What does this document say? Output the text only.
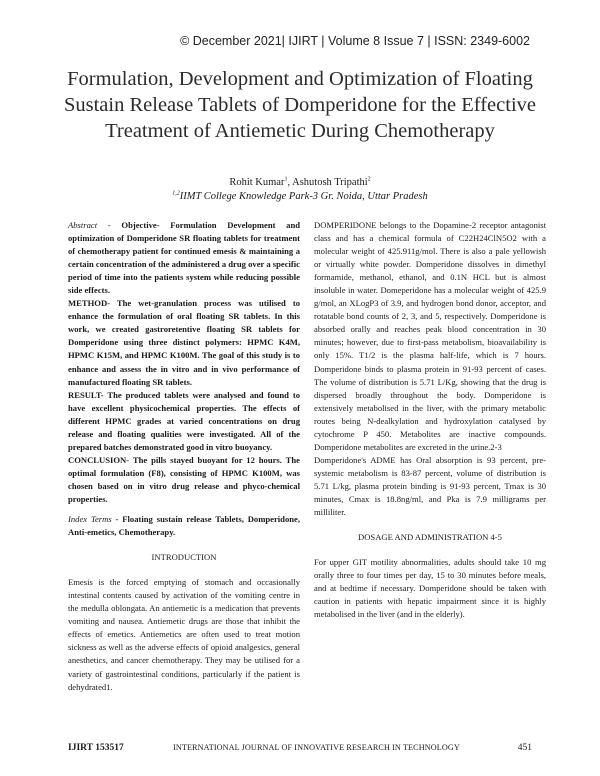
© December 2021| IJIRT | Volume 8 Issue 7 | ISSN: 2349-6002
Formulation, Development and Optimization of Floating
Sustain Release Tablets of Domperidone for the Effective
Treatment of Antiemetic During Chemotherapy
Rohit Kumar$^1$, Ashutosh Tripathi$^2$
$^{1,2}$IIMT College Knowledge Park-3 Gr. Noida, Uttar Pradesh

Abstract - Objective- Formulation Development and optimization of Domperidone SR floating tablets for treatment of chemotherapy patient for continued emesis & maintaining a certain concentration of the administered a drug over a specific period of time into the patients system while reducing possible side effects.

METHOD- The wet-granulation process was utilised to enhance the formulation of oral floating SR tablets. In this work, we created gastroretentive floating SR tablets for Domperidone using three distinct polymers: HPMC K4M, HPMC K15M, and HPMC K100M. The goal of this study is to enhance and assess the in vitro and in vivo performance of manufactured floating SR tablets.

RESULT- The produced tablets were analysed and found to have excellent physicochemical properties. The effects of different HPMC grades at varied concentrations on drug release and floating qualities were investigated. All of the prepared batches demonstrated good in vitro buoyancy.

CONCLUSION- The pills stayed buoyant for 12 hours. The optimal formulation (F8), consisting of HPMC K100M, was chosen based on in vitro drug release and phyco-chemical properties.

Index Terms - Floating sustain release Tablets, Domperidone, Anti-emetics, Chemotherapy.

INTRODUCTION

Emesis is the forced emptying of stomach and occasionally intestinal contents caused by activation of the vomiting centre in the medulla oblongata. An antiemetic is a medication that prevents vomiting and nausea. Antiemetic drugs are those that inhibit the effects of emetics. Antiemetics are often used to treat motion sickness as well as the adverse effects of opioid analgesics, general anesthetics, and cancer chemotherapy. They may be utilised for a variety of gastrointestinal conditions, particularly if the patient is dehydrated1.

DOMPERIDONE belongs to the Dopamine-2 receptor antagonist class and has a chemical formula of C22H24ClN5O2 with a molecular weight of 425.911g/mol. There is also a pale yellowish or virtually white powder. Domperidone dissolves in dimethyl formamide, methanol, ethanol, and 0.1N HCL but is almost insoluble in water. Domeperidone has a molecular weight of 425.9 g/mol, an XLogP3 of 3.9, and hydrogen bond donor, acceptor, and rotatable bond counts of 2, 3, and 5, respectively. Domperidone is absorbed orally and reaches peak blood concentration in 30 minutes; however, due to first-pass metabolism, bioavailability is only 15%. T1/2 is the plasma half-life, which is 7 hours. Domperidone binds to plasma protein in 91-93 percent of cases. The volume of distribution is 5.71 L/Kg, showing that the drug is dispersed broadly throughout the body. Domperidone is extensively metabolised in the liver, with the primary metabolic routes being N-dealkylation and hydroxylation catalysed by cytochrome P 450. Metabolites are inactive compounds. Domperidone metabolites are excreted in the urine.2-3

Domperidone's ADME has Oral absorption is 93 percent, pre-systemic metabolism is 83-87 percent, volume of distribution is 5.71 L/kg, plasma protein binding is 91-93 percent, Tmax is 30 minutes, Cmax is 18.8ng/ml, and Pka is 7.9 milligrams per milliliter.

DOSAGE AND ADMINISTRATION 4-5

For upper GIT motility abnormalities, adults should take 10 mg orally three to four times per day, 15 to 30 minutes before meals, and at bedtime if necessary. Domperidone should be taken with caution in patients with hepatic impairment since it is highly metabolised in the liver (and in the elderly).

IJIRT 153517	INTERNATIONAL JOURNAL OF INNOVATIVE RESEARCH IN TECHNOLOGY	451
